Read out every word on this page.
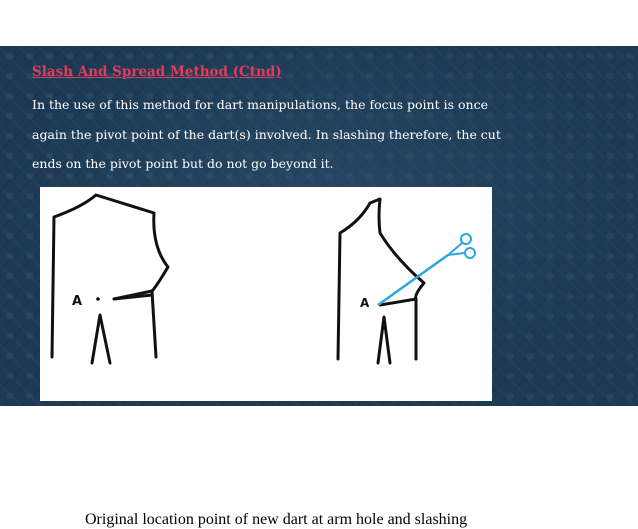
Slash And Spread Method (Ctnd)
In the use of this method for dart manipulations, the focus point is once
again the pivot point of the dart(s) involved. In slashing therefore, the cut
ends on the pivot point but do not go beyond it.
A	A
Original location point of new dart at arm hole and slashing
